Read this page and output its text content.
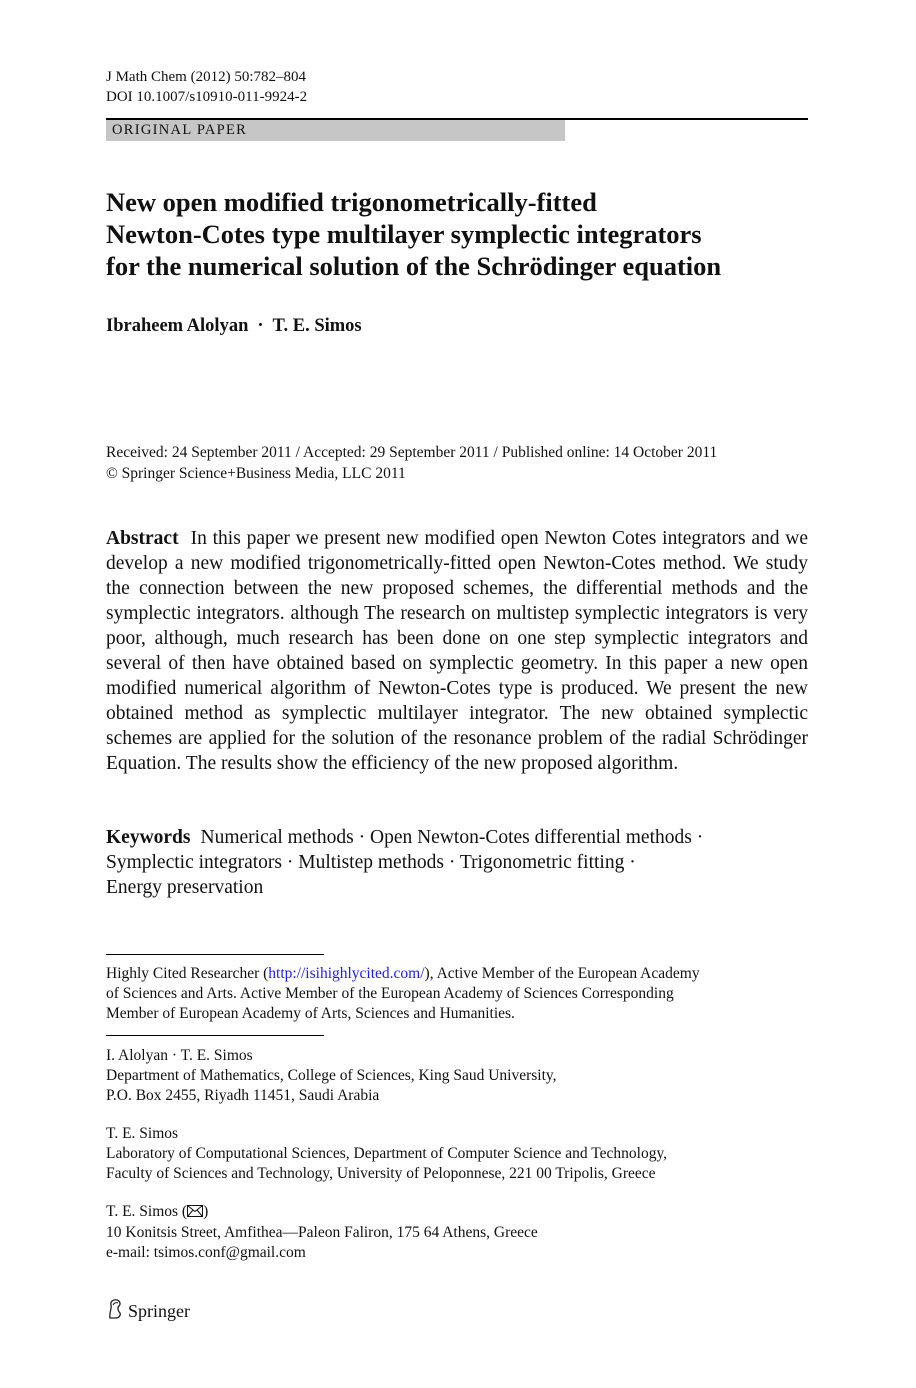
J Math Chem (2012) 50:782–804
DOI 10.1007/s10910-011-9924-2
ORIGINAL PAPER
New open modified trigonometrically-fitted
Newton-Cotes type multilayer symplectic integrators
for the numerical solution of the Schrödinger equation
Ibraheem Alolyan · T. E. Simos
Received: 24 September 2011 / Accepted: 29 September 2011 / Published online: 14 October 2011
© Springer Science+Business Media, LLC 2011
Abstract In this paper we present new modified open Newton Cotes integrators and we develop a new modified trigonometrically-fitted open Newton-Cotes method. We study the connection between the new proposed schemes, the differential methods and the symplectic integrators. although The research on multistep symplectic integrators is very poor, although, much research has been done on one step symplectic integrators and several of then have obtained based on symplectic geometry. In this paper a new open modified numerical algorithm of Newton-Cotes type is produced. We present the new obtained method as symplectic multilayer integrator. The new obtained symplectic schemes are applied for the solution of the resonance problem of the radial Schrödinger Equation. The results show the efficiency of the new proposed algorithm.
Keywords Numerical methods · Open Newton-Cotes differential methods ·
Symplectic integrators · Multistep methods · Trigonometric fitting ·
Energy preservation
Highly Cited Researcher (http://isihighlycited.com/), Active Member of the European Academy
of Sciences and Arts. Active Member of the European Academy of Sciences Corresponding
Member of European Academy of Arts, Sciences and Humanities.
I. Alolyan · T. E. Simos
Department of Mathematics, College of Sciences, King Saud University,
P.O. Box 2455, Riyadh 11451, Saudi Arabia
T. E. Simos
Laboratory of Computational Sciences, Department of Computer Science and Technology,
Faculty of Sciences and Technology, University of Peloponnese, 221 00 Tripolis, Greece
T. E. Simos ( )
10 Konitsis Street, Amfithea—Paleon Faliron, 175 64 Athens, Greece
e-mail: tsimos.conf@gmail.com
Springer
